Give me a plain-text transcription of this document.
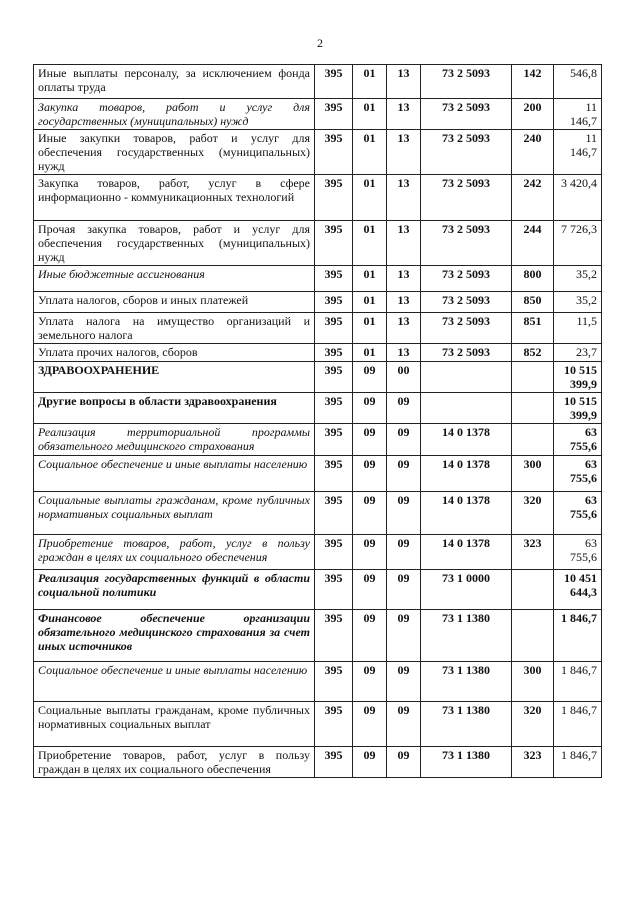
2
Иные выплаты персоналу, за исключением фонда оплаты труда	395	01	13	73 2 5093	142	546,8
Закупка товаров, работ и услуг для государственных (муниципальных) нужд	395	01	13	73 2 5093	200	11 146,7
Иные закупки товаров, работ и услуг для обеспечения государственных (муниципальных) нужд	395	01	13	73 2 5093	240	11 146,7
Закупка товаров, работ, услуг в сфере информационно - коммуникационных технологий	395	01	13	73 2 5093	242	3 420,4
Прочая закупка товаров, работ и услуг для обеспечения государственных (муниципальных) нужд	395	01	13	73 2 5093	244	7 726,3
Иные бюджетные ассигнования	395	01	13	73 2 5093	800	35,2
Уплата налогов, сборов и иных платежей	395	01	13	73 2 5093	850	35,2
Уплата налога на имущество организаций и земельного налога	395	01	13	73 2 5093	851	11,5
Уплата прочих налогов, сборов	395	01	13	73 2 5093	852	23,7
ЗДРАВООХРАНЕНИЕ	395	09	00			10 515 399,9
Другие вопросы в области здравоохранения	395	09	09			10 515 399,9
Реализация территориальной программы обязательного медицинского страхования	395	09	09	14 0 1378		63 755,6
Социальное обеспечение и иные выплаты населению	395	09	09	14 0 1378	300	63 755,6
Социальные выплаты гражданам, кроме публичных нормативных социальных выплат	395	09	09	14 0 1378	320	63 755,6
Приобретение товаров, работ, услуг в пользу граждан в целях их социального обеспечения	395	09	09	14 0 1378	323	63 755,6
Реализация государственных функций в области социальной политики	395	09	09	73 1 0000		10 451 644,3
Финансовое обеспечение организации обязательного медицинского страхования за счет иных источников	395	09	09	73 1 1380		1 846,7
Социальное обеспечение и иные выплаты населению	395	09	09	73 1 1380	300	1 846,7
Социальные выплаты гражданам, кроме публичных нормативных социальных выплат	395	09	09	73 1 1380	320	1 846,7
Приобретение товаров, работ, услуг в пользу граждан в целях их социального обеспечения	395	09	09	73 1 1380	323	1 846,7
